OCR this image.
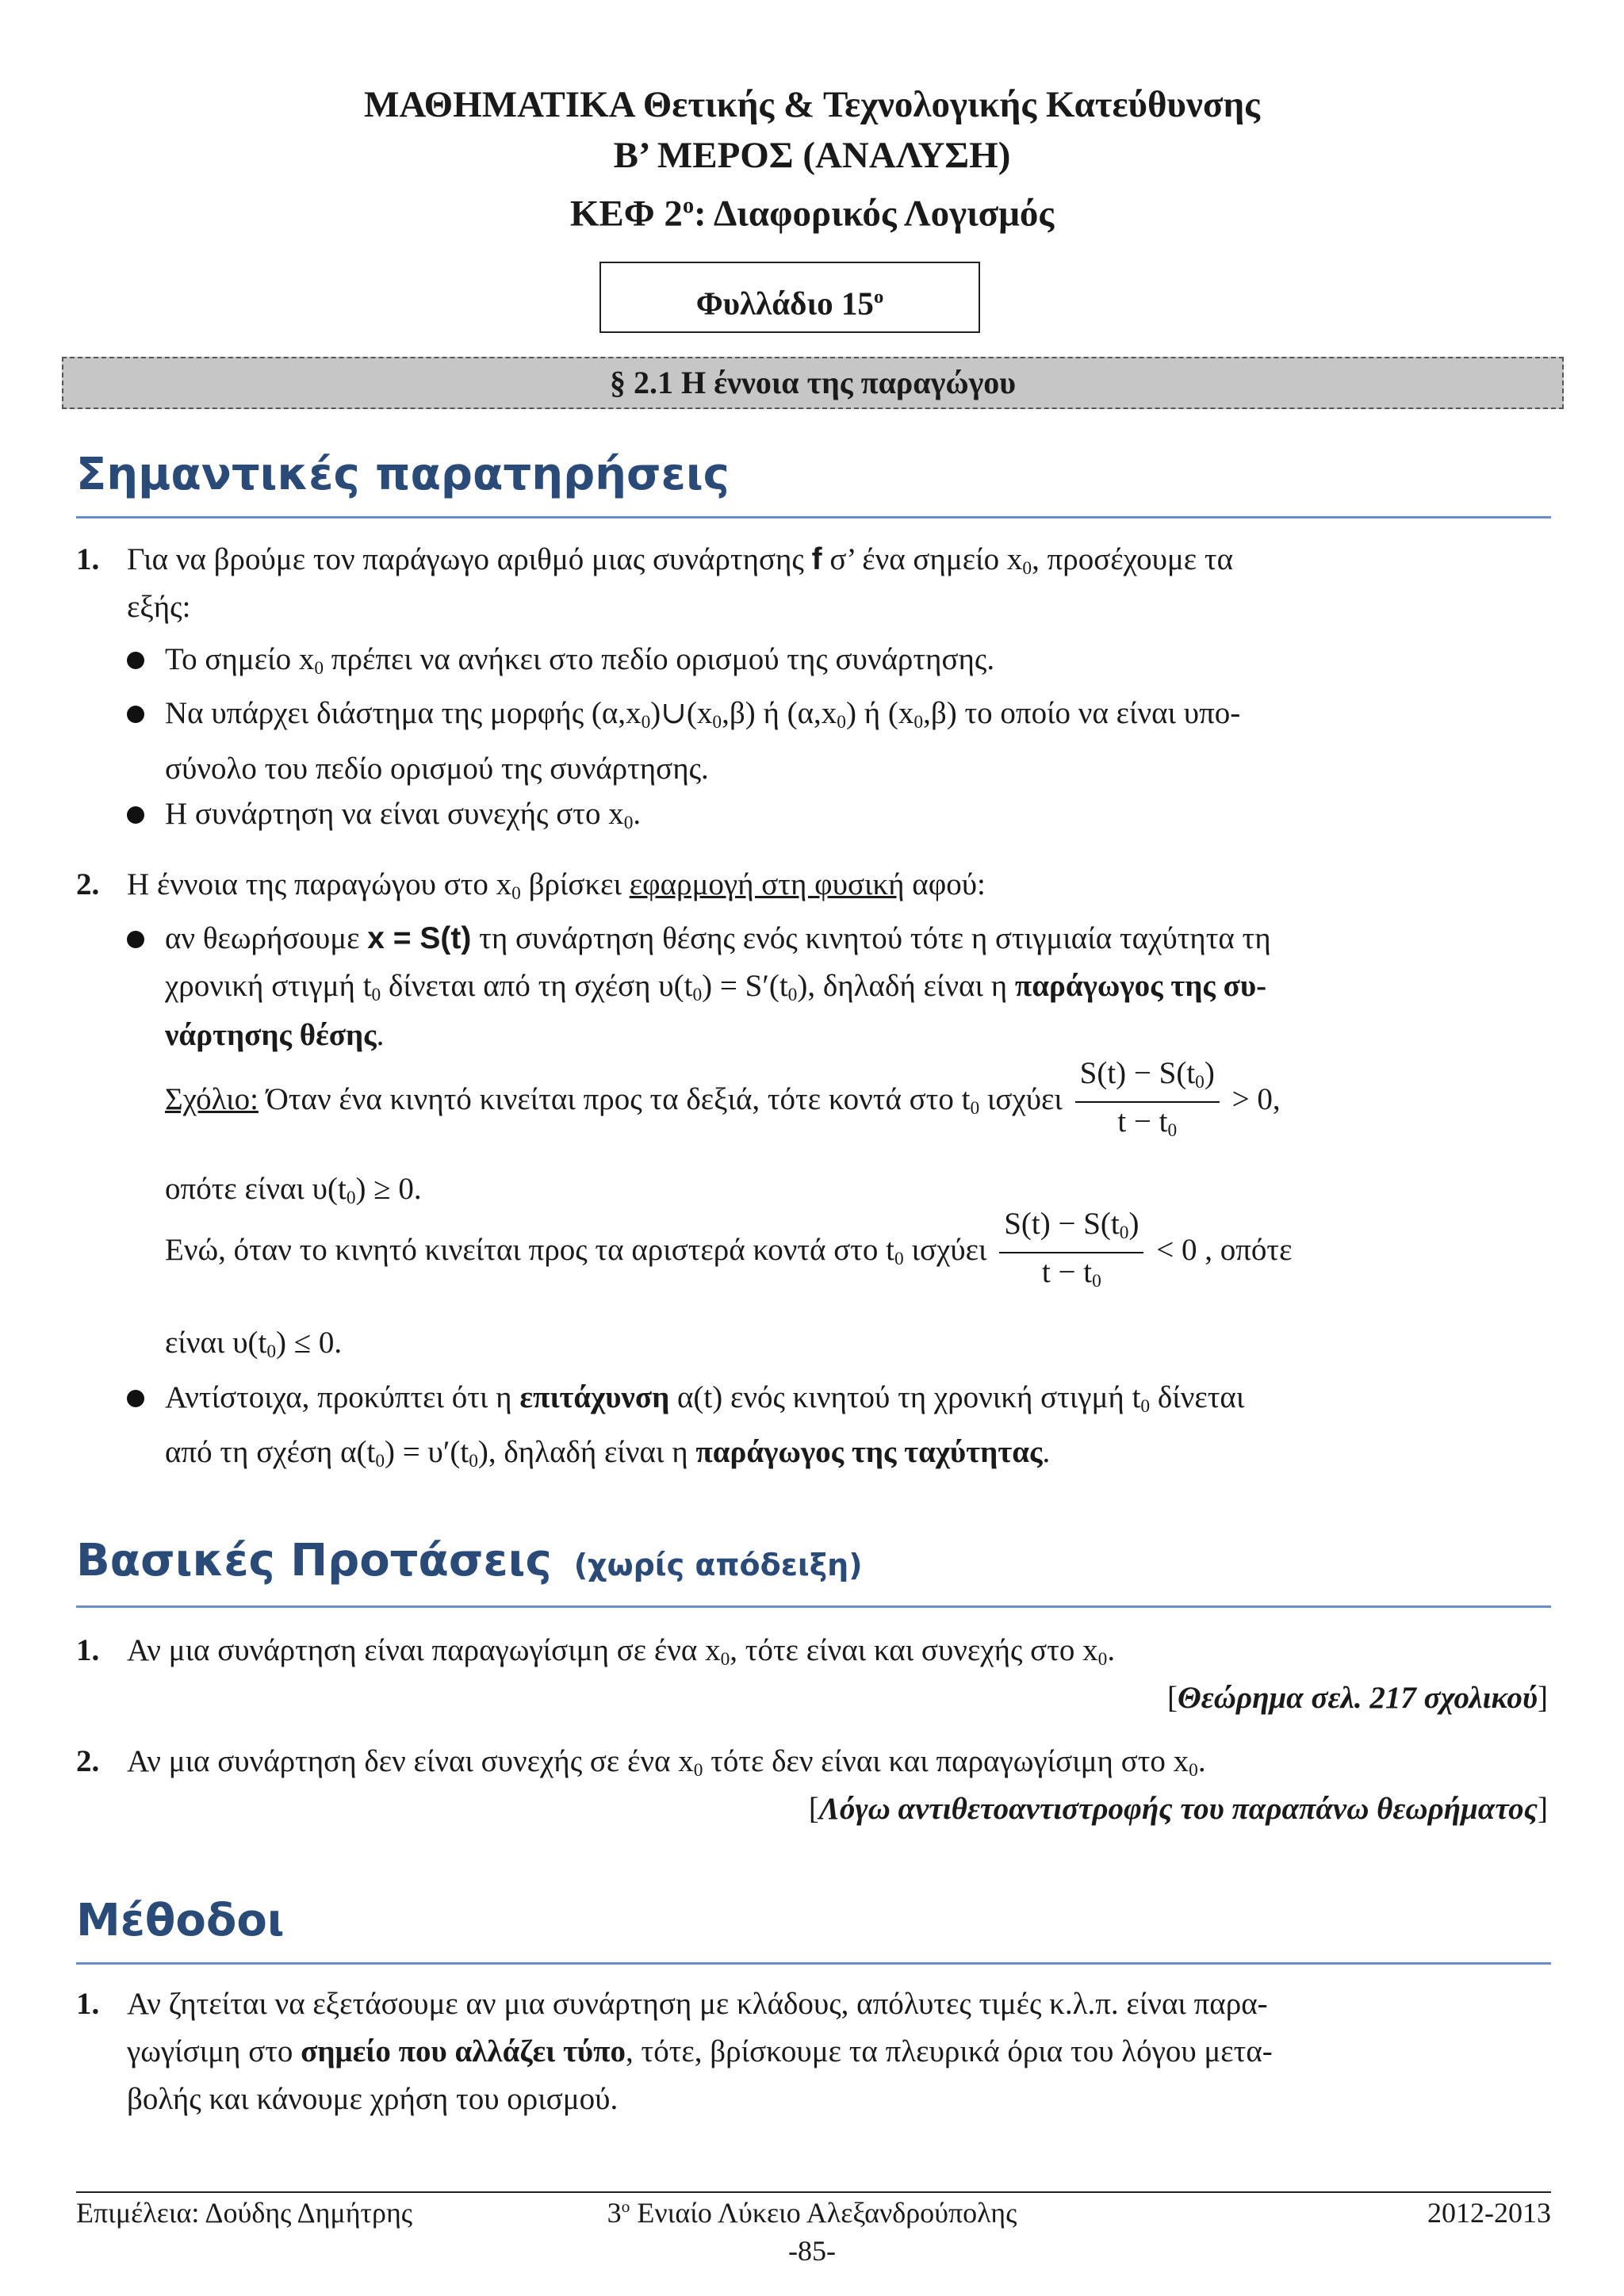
ΜΑΘΗΜΑΤΙΚΑ Θετικής & Τεχνολογικής Κατεύθυνσης
Β’ ΜΕΡΟΣ (ΑΝΑΛΥΣΗ)
ΚΕΦ $2^o$: Διαφορικός Λογισμός
Φυλλάδιο $15^o$
§ 2.1 Η έννοια της παραγώγου
Σημαντικές παρατηρήσεις
1. Για να βρούμε τον παράγωγο αριθμό μιας συνάρτησης f σ’ ένα σημείο $x_0$, προσέχουμε τα
εξής:
Το σημείο $x_0$ πρέπει να ανήκει στο πεδίο ορισμού της συνάρτησης.
Να υπάρχει διάστημα της μορφής $(\alpha,x_0)\cup(x_0,\beta)$ ή $(\alpha,x_0)$ ή $(x_0,\beta)$ το οποίο να είναι υπο-
σύνολο του πεδίο ορισμού της συνάρτησης.
Η συνάρτηση να είναι συνεχής στο $x_0$.
2. Η έννοια της παραγώγου στο $x_0$ βρίσκει εφαρμογή στη φυσική αφού:
αν θεωρήσουμε x = S(t) τη συνάρτηση θέσης ενός κινητού τότε η στιγμιαία ταχύτητα τη
χρονική στιγμή $t_0$ δίνεται από τη σχέση $\upsilon(t_0) = S'(t_0)$, δηλαδή είναι η παράγωγος της συ-
νάρτησης θέσης.
Σχόλιο: Όταν ένα κινητό κινείται προς τα δεξιά, τότε κοντά στο $t_0$ ισχύει $\frac{S(t) - S(t_0)}{t - t_0} > 0$,
οπότε είναι $\upsilon(t_0) \ge 0$.
Ενώ, όταν το κινητό κινείται προς τα αριστερά κοντά στο $t_0$ ισχύει $\frac{S(t) - S(t_0)}{t - t_0} < 0$ , οπότε
είναι $\upsilon(t_0) \le 0$.
Αντίστοιχα, προκύπτει ότι η επιτάχυνση α(t) ενός κινητού τη χρονική στιγμή $t_0$ δίνεται
από τη σχέση $\alpha(t_0) = \upsilon'(t_0)$, δηλαδή είναι η παράγωγος της ταχύτητας.
Βασικές Προτάσεις (χωρίς απόδειξη)
1. Αν μια συνάρτηση είναι παραγωγίσιμη σε ένα $x_0$, τότε είναι και συνεχής στο $x_0$.
[Θεώρημα σελ. 217 σχολικού]
2. Αν μια συνάρτηση δεν είναι συνεχής σε ένα $x_0$ τότε δεν είναι και παραγωγίσιμη στο $x_0$.
[Λόγω αντιθετοαντιστροφής του παραπάνω θεωρήματος]
Μέθοδοι
1. Αν ζητείται να εξετάσουμε αν μια συνάρτηση με κλάδους, απόλυτες τιμές κ.λ.π. είναι παρα-
γωγίσιμη στο σημείο που αλλάζει τύπο, τότε, βρίσκουμε τα πλευρικά όρια του λόγου μετα-
βολής και κάνουμε χρήση του ορισμού.
Επιμέλεια: Δούδης Δημήτρης	$3^o$ Ενιαίο Λύκειο Αλεξανδρούπολης	2012-2013
-85-
